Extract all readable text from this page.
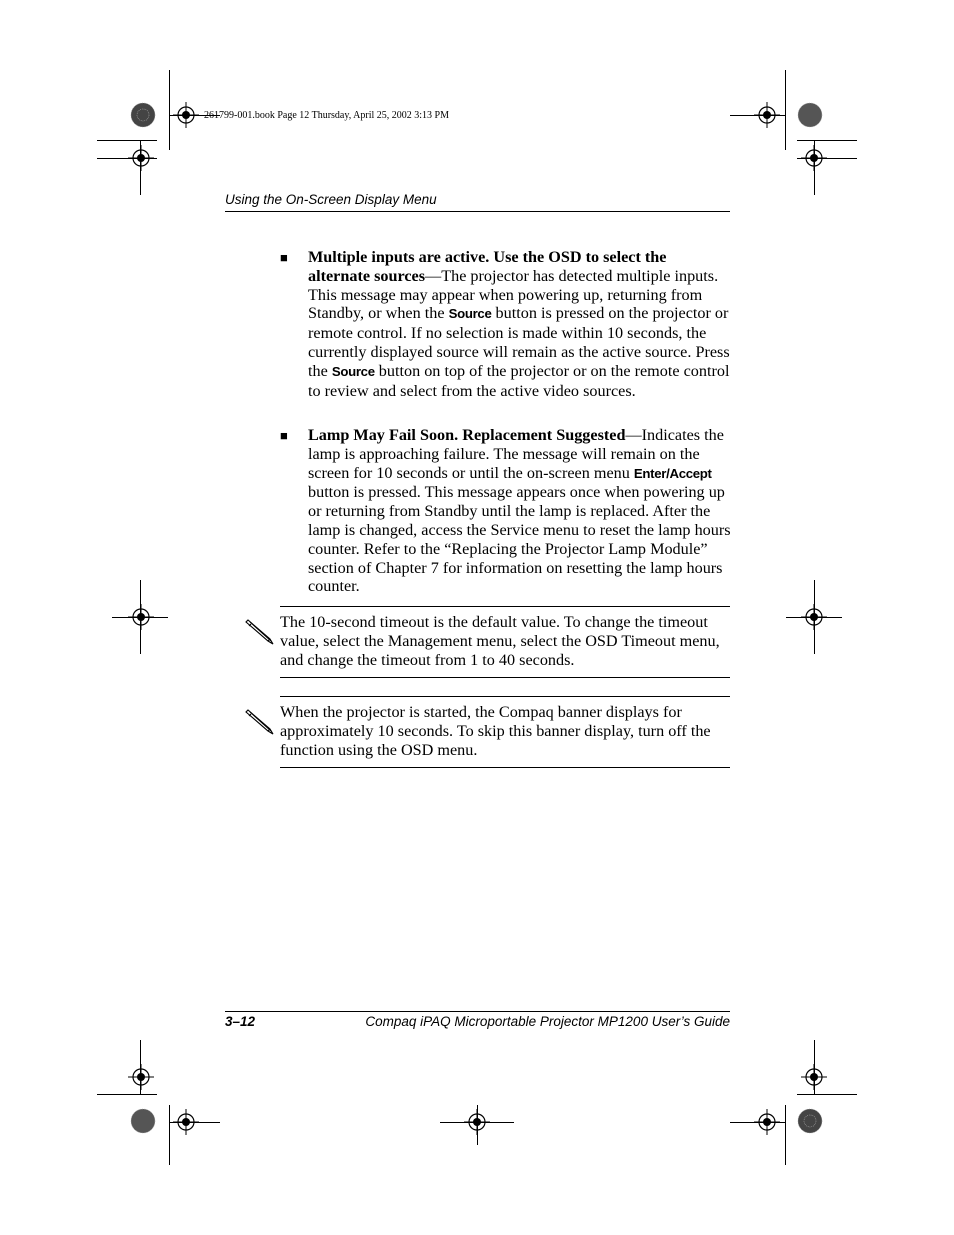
261799-001.book Page 12 Thursday, April 25, 2002 3:13 PM
Using the On-Screen Display Menu
■ Multiple inputs are active. Use the OSD to select the alternate sources—The projector has detected multiple inputs. This message may appear when powering up, returning from Standby, or when the Source button is pressed on the projector or remote control. If no selection is made within 10 seconds, the currently displayed source will remain as the active source. Press the Source button on top of the projector or on the remote control to review and select from the active video sources.
■ Lamp May Fail Soon. Replacement Suggested—Indicates the lamp is approaching failure. The message will remain on the screen for 10 seconds or until the on-screen menu Enter/Accept button is pressed. This message appears once when powering up or returning from Standby until the lamp is replaced. After the lamp is changed, access the Service menu to reset the lamp hours counter. Refer to the “Replacing the Projector Lamp Module” section of Chapter 7 for information on resetting the lamp hours counter.
The 10-second timeout is the default value. To change the timeout value, select the Management menu, select the OSD Timeout menu, and change the timeout from 1 to 40 seconds.
When the projector is started, the Compaq banner displays for approximately 10 seconds. To skip this banner display, turn off the function using the OSD menu.
3–12	Compaq iPAQ Microportable Projector MP1200 User’s Guide
